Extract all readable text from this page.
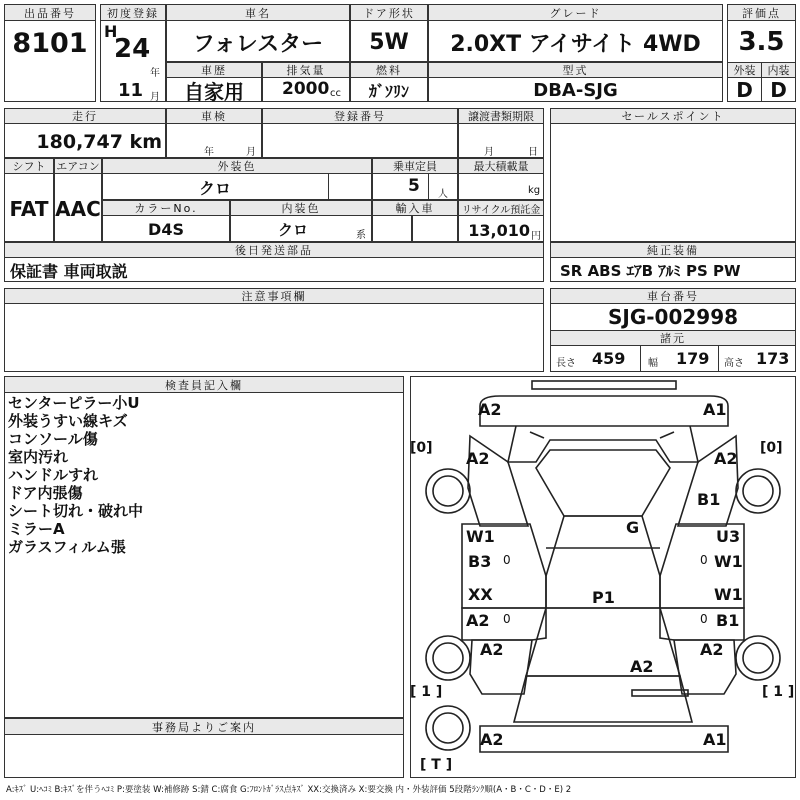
出品番号
8101
初度登録
H
24
年
11 月
車名
フォレスター
ドア形状
5W
グレード
2.0XT アイサイト 4WD
評価点
3.5
外装	内装
D D
車歴
自家用
排気量
2000 cc
燃料
ｶﾞｿﾘﾝ
型式
DBA-SJG
走行
180,747 km
車検
年	月
登録番号	譲渡書類期限
月	日
シフト
FAT
エアコン
AAC
外装色
クロ
乗車定員
5 人
最大積載量
kg
カラーNo.
D4S
内装色
クロ	系
輸入車	リサイクル預託金
13,010 円
後日発送部品
保証書 車両取説
注意事項欄
セールスポイント
純正装備
SR ABS ｴｱB ｱﾙﾐ PS PW
車台番号
SJG-002998
諸元
長さ 459 幅 179 高さ 173
検査員記入欄
センターピラー小U
外装うすい線キズ
コンソール傷
室内汚れ
ハンドルすれ
ドア内張傷
シート切れ・破れ中
ミラーA
ガラスフィルム張
事務局よりご案内
A2	A1
[0]	[0]
A2	A2
B1
G
W1	U3
B3 0	0 W1
XX	P1	W1
A2 0	0 B1
A2	A2
A2
[ 1 ]	[ 1 ]
A2	A1
[ T ]
A:ｷｽﾞ U:ﾍｺﾐ B:ｷｽﾞを伴うﾍｺﾐ P:要塗装 W:補修跡 S:錆 C:腐食 G:ﾌﾛﾝﾄｶﾞﾗｽ点ｷｽﾞ XX:交換済み X:要交換 内・外装評価 5段階ﾗﾝｸ順(A・B・C・D・E) 2
